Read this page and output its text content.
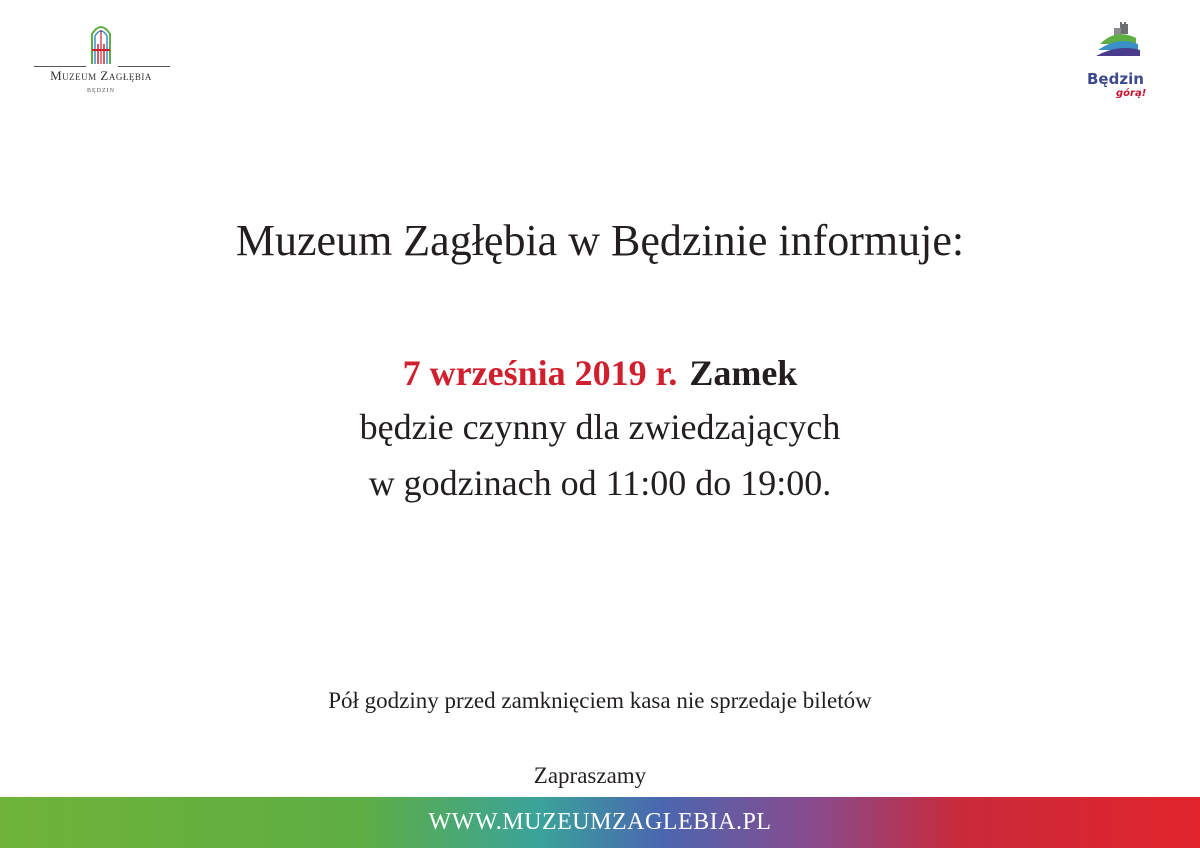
Muzeum Zagłębia
BĘDZIN
Będzin
górą!
Muzeum Zagłębia w Będzinie informuje:
7 września 2019 r. Zamek
będzie czynny dla zwiedzających
w godzinach od 11:00 do 19:00.
Pół godziny przed zamknięciem kasa nie sprzedaje biletów
Zapraszamy
WWW.MUZEUMZAGLEBIA.PL
